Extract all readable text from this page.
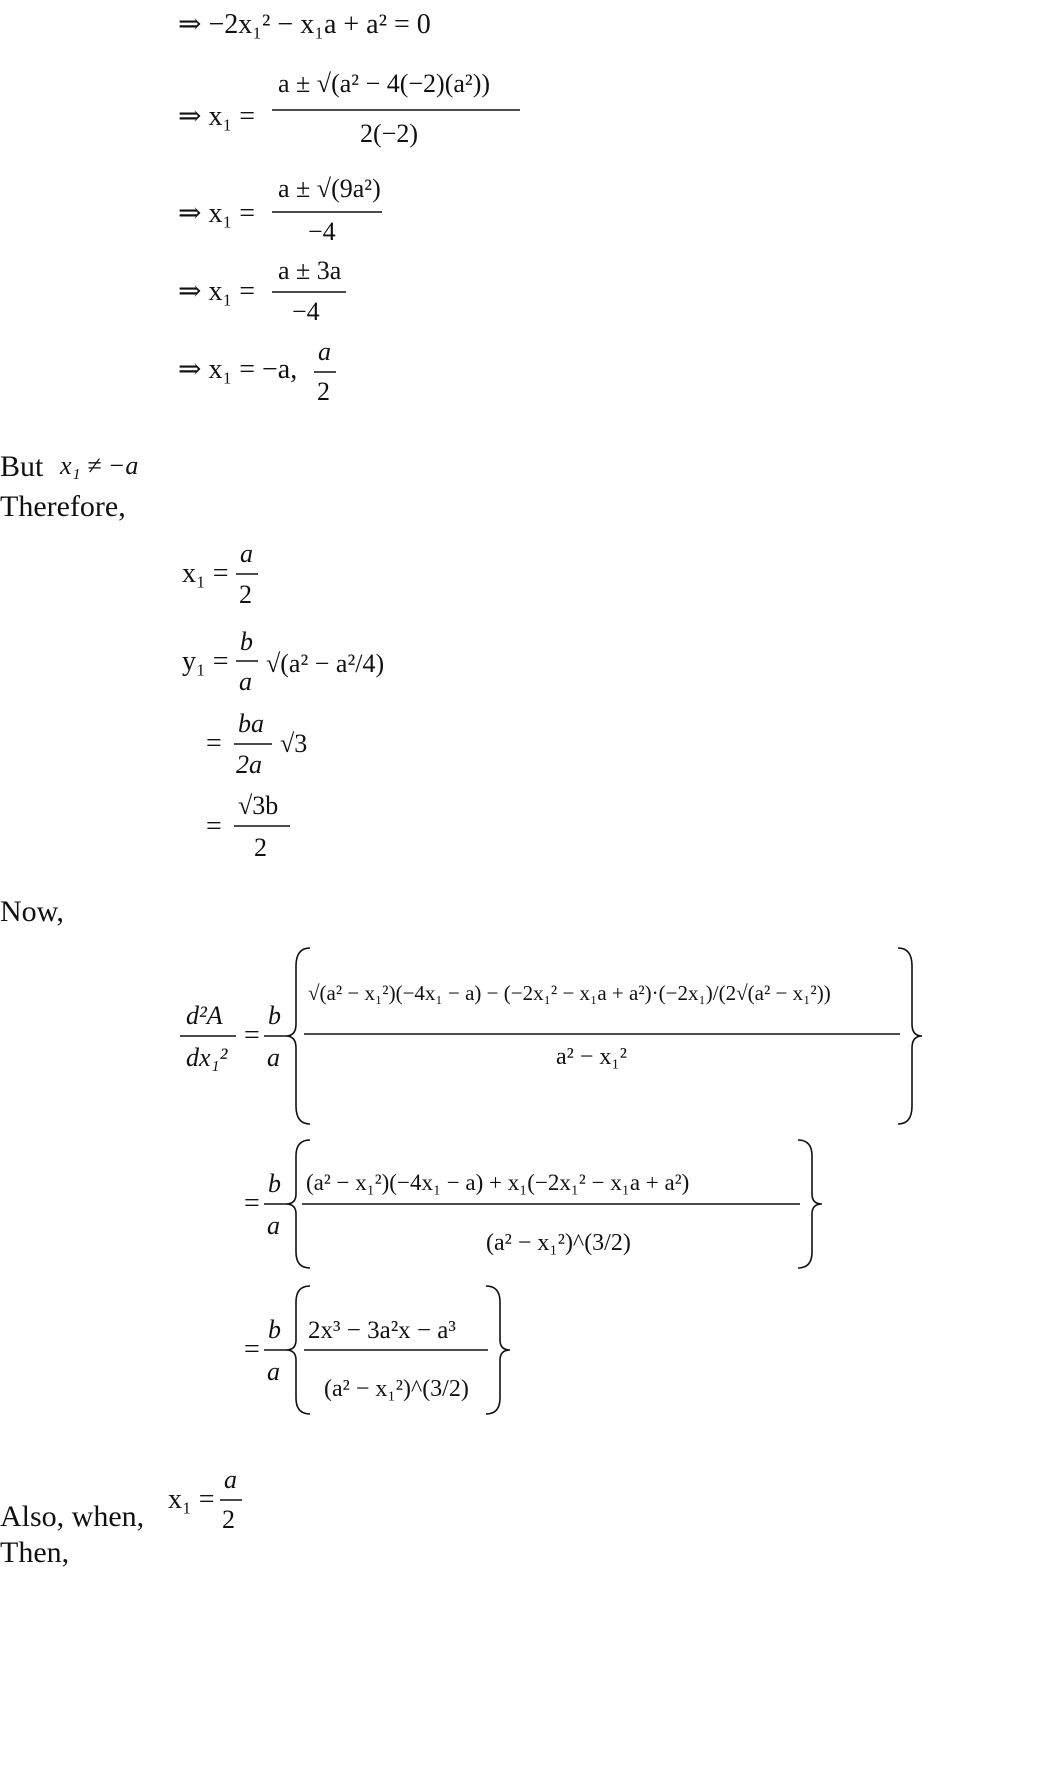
But
Therefore,
Now,
Also, when,
Then,
⇒ −2x₁² − x₁a + a² = 0
⇒ x₁ =
a ± √(a² − 4(−2)(a²))
2(−2)
⇒ x₁ =
a ± √(9a²)
−4
⇒ x₁ =
a ± 3a
−4
⇒ x₁ = −a,
a
2
x₁ ≠ −a
x₁ =
a
2
y₁ =
b
a
√(a² − a²/4)
=
ba
2a
√3
=
√3b
2
d²A
dx₁²
=
b
a
√(a² − x₁²)(−4x₁ − a) − (−2x₁² − x₁a + a²)·(−2x₁)/(2√(a² − x₁²))
a² − x₁²
=
b
a
(a² − x₁²)(−4x₁ − a) + x₁(−2x₁² − x₁a + a²)
(a² − x₁²)^(3/2)
=
b
a
2x³ − 3a²x − a³
(a² − x₁²)^(3/2)
x₁ =
a
2
